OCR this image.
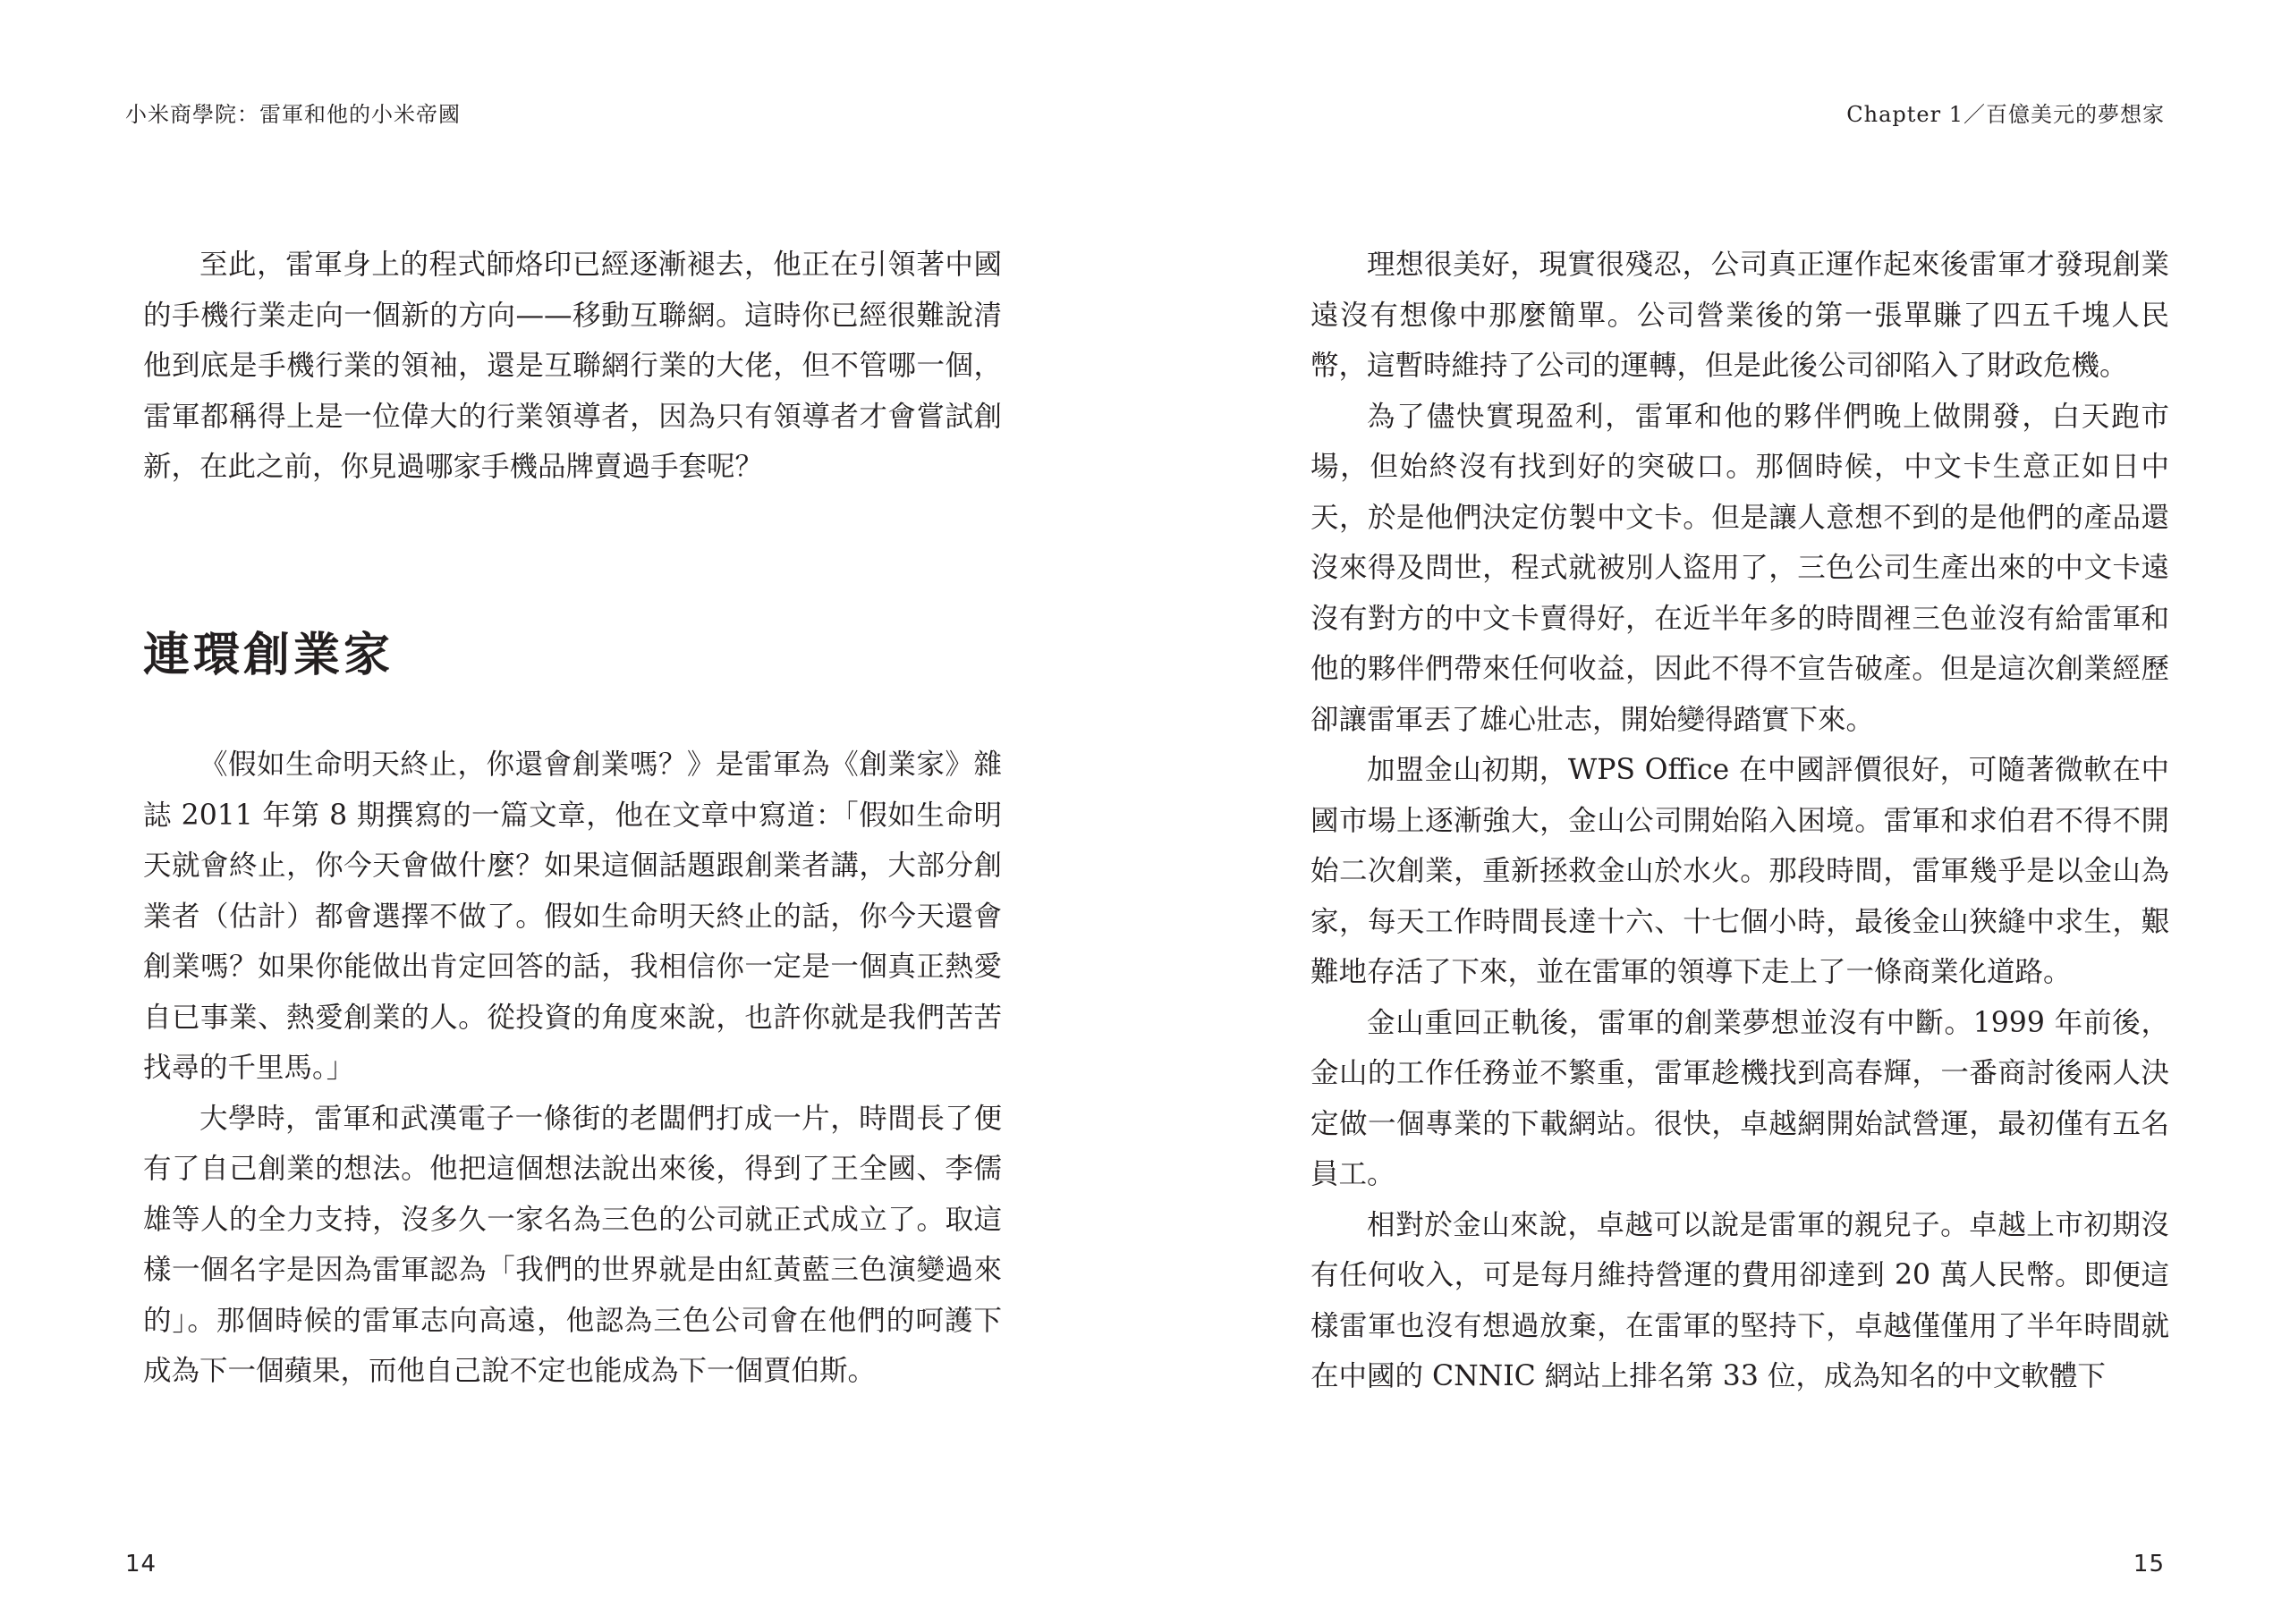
小米商學院：雷軍和他的小米帝國

至此，雷軍身上的程式師烙印已經逐漸褪去，他正在引領著中國的手機行業走向一個新的方向——移動互聯網。這時你已經很難說清他到底是手機行業的領袖，還是互聯網行業的大佬，但不管哪一個，雷軍都稱得上是一位偉大的行業領導者，因為只有領導者才會嘗試創新，在此之前，你見過哪家手機品牌賣過手套呢？

連環創業家

《假如生命明天終止，你還會創業嗎？》是雷軍為《創業家》雜誌 2011 年第 8 期撰寫的一篇文章，他在文章中寫道：「假如生命明天就會終止，你今天會做什麼？如果這個話題跟創業者講，大部分創業者（估計）都會選擇不做了。假如生命明天終止的話，你今天還會創業嗎？如果你能做出肯定回答的話，我相信你一定是一個真正熱愛自已事業、熱愛創業的人。從投資的角度來說，也許你就是我們苦苦找尋的千里馬。」

大學時，雷軍和武漢電子一條街的老闆們打成一片，時間長了便有了自己創業的想法。他把這個想法說出來後，得到了王全國、李儒雄等人的全力支持，沒多久一家名為三色的公司就正式成立了。取這樣一個名字是因為雷軍認為「我們的世界就是由紅黃藍三色演變過來的」。那個時候的雷軍志向高遠，他認為三色公司會在他們的呵護下成為下一個蘋果，而他自己說不定也能成為下一個賈伯斯。

14
Chapter 1／百億美元的夢想家

理想很美好，現實很殘忍，公司真正運作起來後雷軍才發現創業遠沒有想像中那麼簡單。公司營業後的第一張單賺了四五千塊人民幣，這暫時維持了公司的運轉，但是此後公司卻陷入了財政危機。

為了儘快實現盈利，雷軍和他的夥伴們晚上做開發，白天跑市場，但始終沒有找到好的突破口。那個時候，中文卡生意正如日中天，於是他們決定仿製中文卡。但是讓人意想不到的是他們的產品還沒來得及問世，程式就被別人盜用了，三色公司生產出來的中文卡遠沒有對方的中文卡賣得好，在近半年多的時間裡三色並沒有給雷軍和他的夥伴們帶來任何收益，因此不得不宣告破產。但是這次創業經歷卻讓雷軍丟了雄心壯志，開始變得踏實下來。

加盟金山初期，WPS Office 在中國評價很好，可隨著微軟在中國市場上逐漸強大，金山公司開始陷入困境。雷軍和求伯君不得不開始二次創業，重新拯救金山於水火。那段時間，雷軍幾乎是以金山為家，每天工作時間長達十六、十七個小時，最後金山狹縫中求生，艱難地存活了下來，並在雷軍的領導下走上了一條商業化道路。

金山重回正軌後，雷軍的創業夢想並沒有中斷。1999 年前後，金山的工作任務並不繁重，雷軍趁機找到高春輝，一番商討後兩人決定做一個專業的下載網站。很快，卓越網開始試營運，最初僅有五名員工。

相對於金山來說，卓越可以說是雷軍的親兒子。卓越上市初期沒有任何收入，可是每月維持營運的費用卻達到 20 萬人民幣。即便這樣雷軍也沒有想過放棄，在雷軍的堅持下，卓越僅僅用了半年時間就在中國的 CNNIC 網站上排名第 33 位，成為知名的中文軟體下

15
